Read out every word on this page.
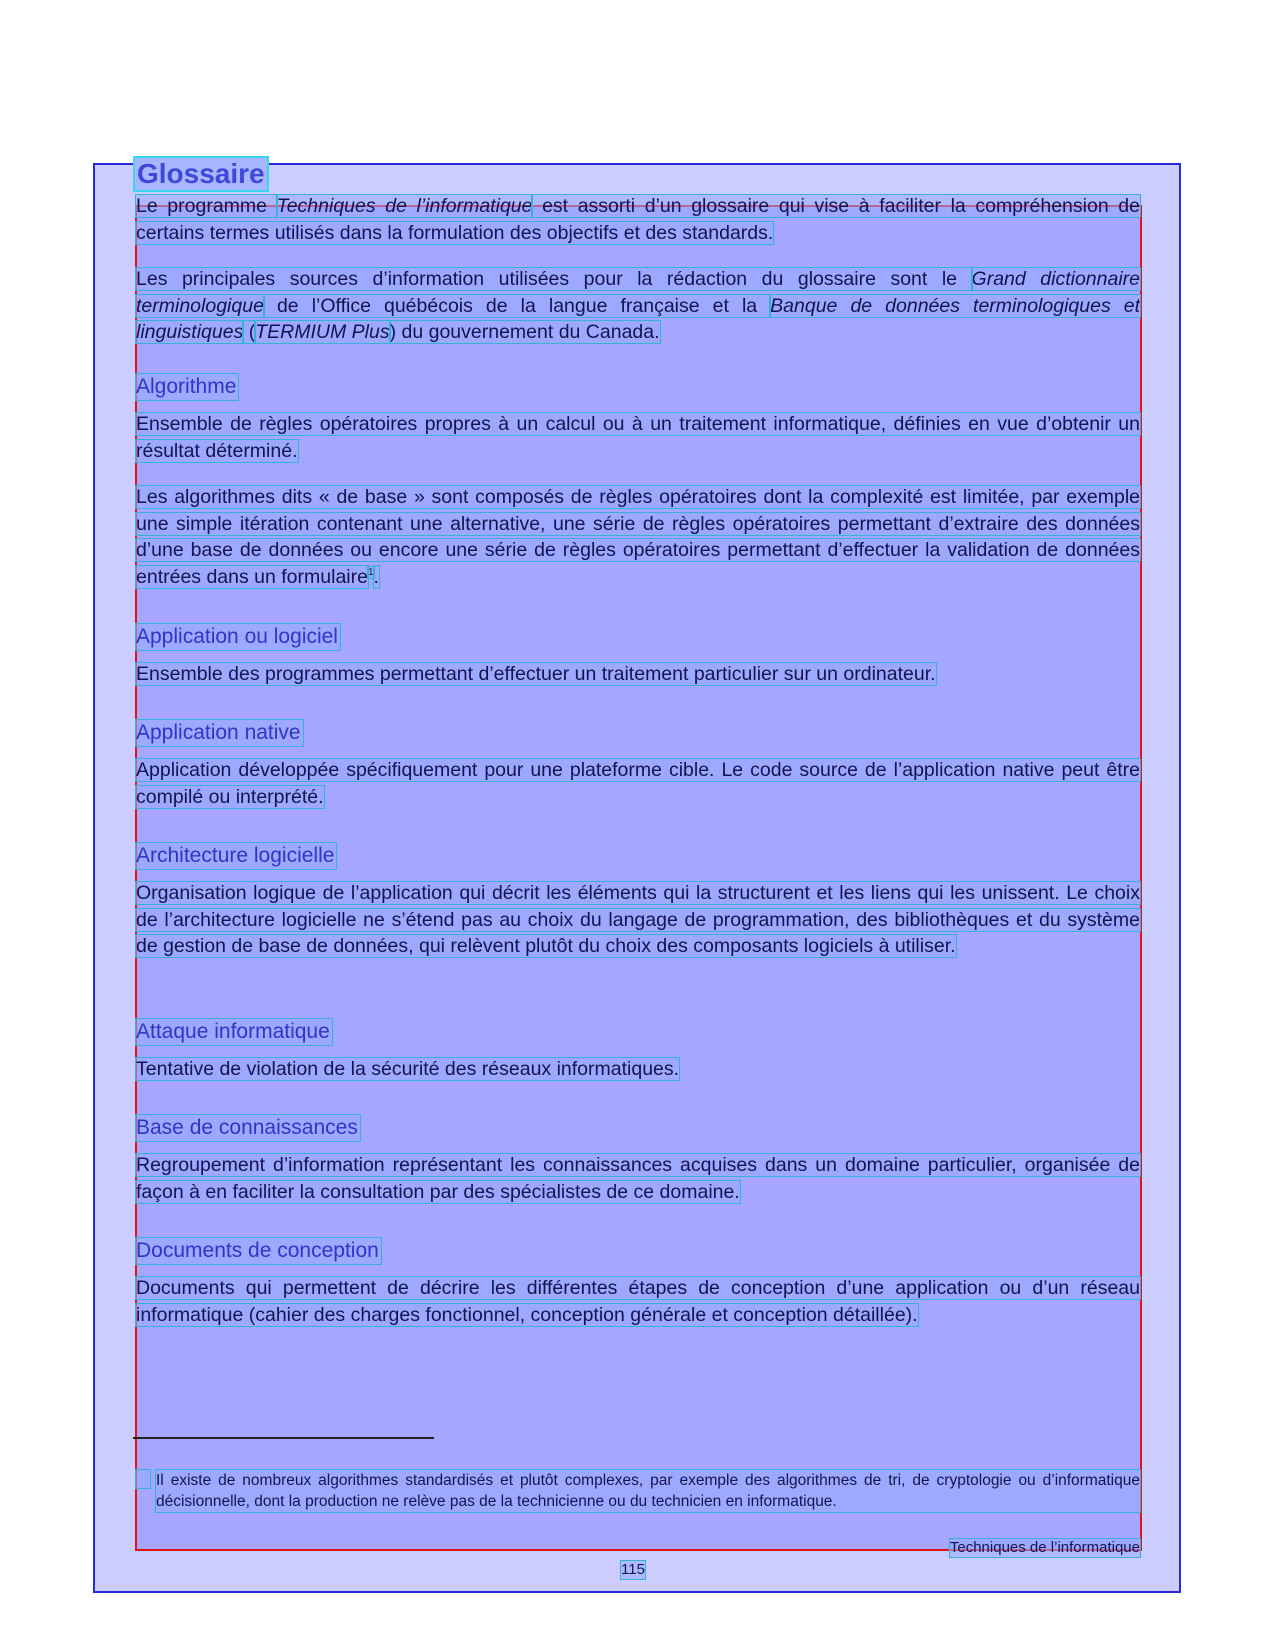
Glossaire

Le programme Techniques de l’informatique est assorti d’un glossaire qui vise à faciliter la compréhension de certains termes utilisés dans la formulation des objectifs et des standards.

Les principales sources d’information utilisées pour la rédaction du glossaire sont le Grand dictionnaire terminologique de l’Office québécois de la langue française et la Banque de données terminologiques et linguistiques (TERMIUM Plus) du gouvernement du Canada.

Algorithme

Ensemble de règles opératoires propres à un calcul ou à un traitement informatique, définies en vue d’obtenir un résultat déterminé.

Les algorithmes dits « de base » sont composés de règles opératoires dont la complexité est limitée, par exemple une simple itération contenant une alternative, une série de règles opératoires permettant d’extraire des données d’une base de données ou encore une série de règles opératoires permettant d’effectuer la validation de données entrées dans un formulaire$^1$.

Application ou logiciel

Ensemble des programmes permettant d’effectuer un traitement particulier sur un ordinateur.

Application native

Application développée spécifiquement pour une plateforme cible. Le code source de l’application native peut être compilé ou interprété.

Architecture logicielle

Organisation logique de l’application qui décrit les éléments qui la structurent et les liens qui les unissent. Le choix de l’architecture logicielle ne s’étend pas au choix du langage de programmation, des bibliothèques et du système de gestion de base de données, qui relèvent plutôt du choix des composants logiciels à utiliser.

Attaque informatique

Tentative de violation de la sécurité des réseaux informatiques.

Base de connaissances

Regroupement d’information représentant les connaissances acquises dans un domaine particulier, organisée de façon à en faciliter la consultation par des spécialistes de ce domaine.

Documents de conception

Documents qui permettent de décrire les différentes étapes de conception d’une application ou d’un réseau informatique (cahier des charges fonctionnel, conception générale et conception détaillée).

Il existe de nombreux algorithmes standardisés et plutôt complexes, par exemple des algorithmes de tri, de cryptologie ou d’informatique décisionnelle, dont la production ne relève pas de la technicienne ou du technicien en informatique.
Techniques de l’informatique
115
